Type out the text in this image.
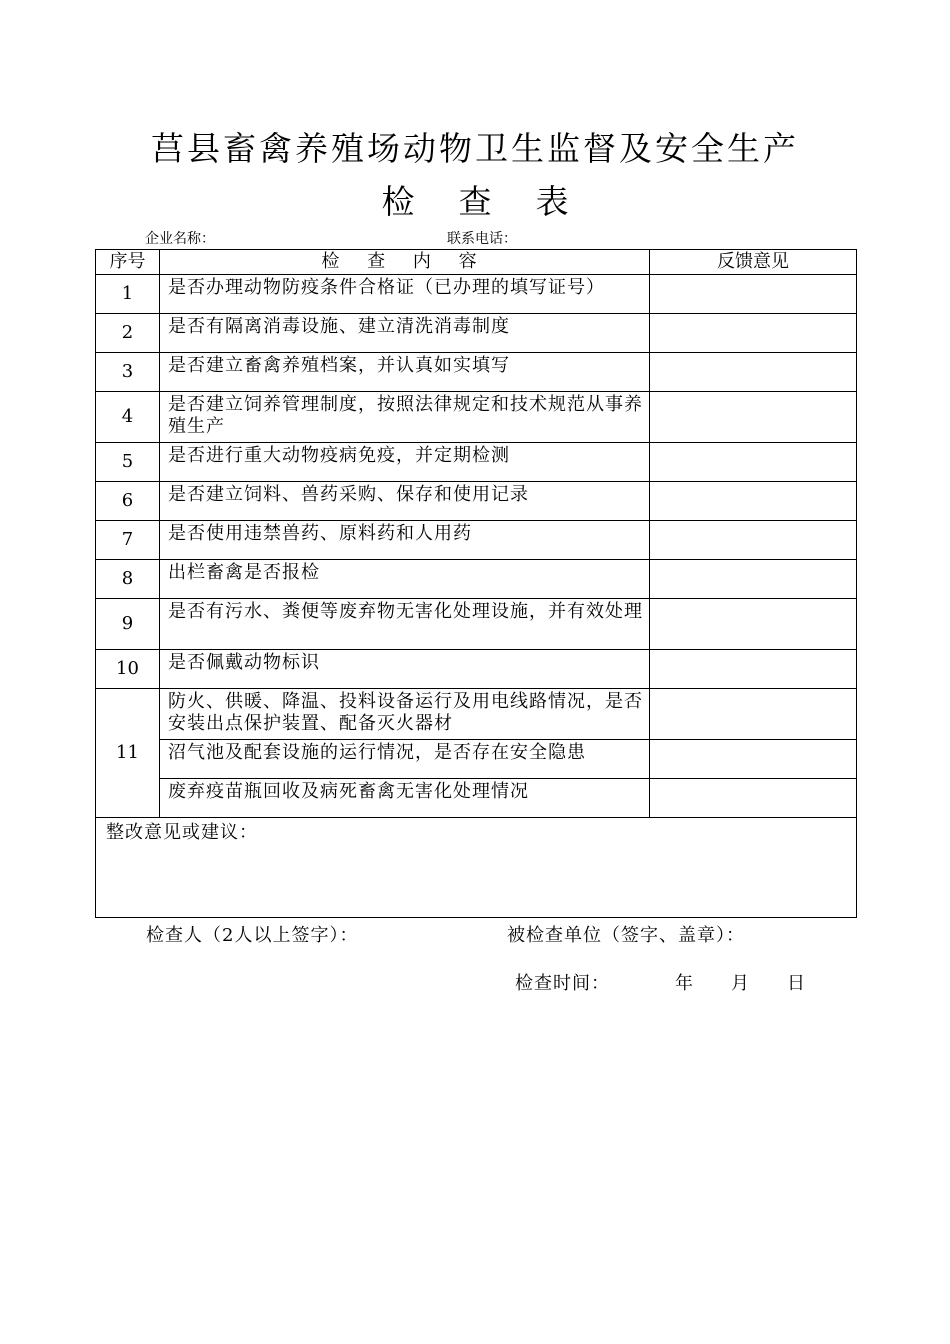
莒县畜禽养殖场动物卫生监督及安全生产
检 查 表
企业名称：	联系电话：
序号	检 查 内 容	反馈意见
1	是否办理动物防疫条件合格证（已办理的填写证号）	
2	是否有隔离消毒设施、建立清洗消毒制度	
3	是否建立畜禽养殖档案，并认真如实填写	
4	是否建立饲养管理制度，按照法律规定和技术规范从事养殖生产	
5	是否进行重大动物疫病免疫，并定期检测	
6	是否建立饲料、兽药采购、保存和使用记录	
7	是否使用违禁兽药、原料药和人用药	
8	出栏畜禽是否报检	
9	是否有污水、粪便等废弃物无害化处理设施，并有效处理	
10	是否佩戴动物标识	
11	防火、供暖、降温、投料设备运行及用电线路情况，是否安装出点保护装置、配备灭火器材	
	沼气池及配套设施的运行情况，是否存在安全隐患	
	废弃疫苗瓶回收及病死畜禽无害化处理情况	
整改意见或建议：		
检查人（2人以上签字）：	被检查单位（签字、盖章）：
检查时间：	年 月 日
